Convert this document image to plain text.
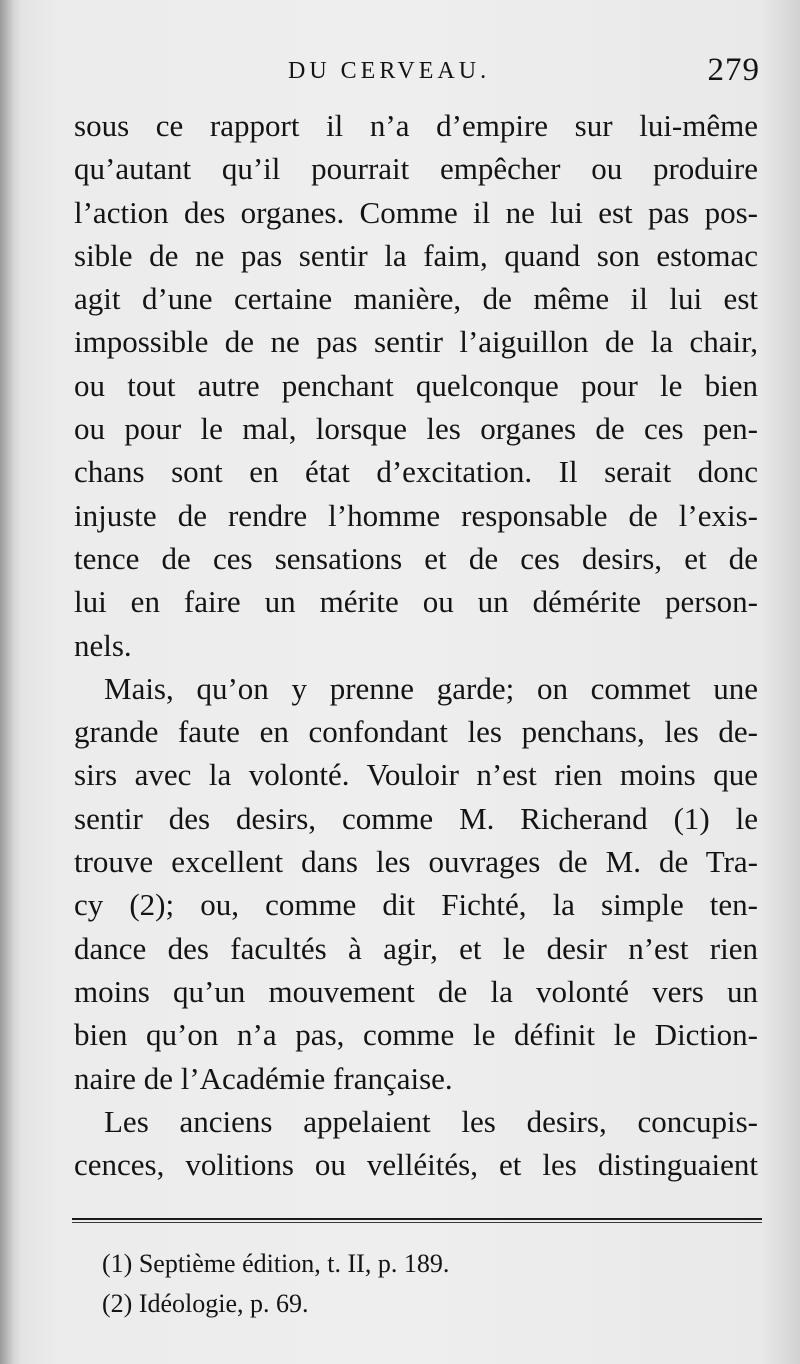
DU CERVEAU.	279
sous ce rapport il n’a d’empire sur lui-même
qu’autant qu’il pourrait empêcher ou produire
l’action des organes. Comme il ne lui est pas pos-
sible de ne pas sentir la faim, quand son estomac
agit d’une certaine manière, de même il lui est
impossible de ne pas sentir l’aiguillon de la chair,
ou tout autre penchant quelconque pour le bien
ou pour le mal, lorsque les organes de ces pen-
chans sont en état d’excitation. Il serait donc
injuste de rendre l’homme responsable de l’exis-
tence de ces sensations et de ces desirs, et de
lui en faire un mérite ou un démérite person-
nels.
Mais, qu’on y prenne garde; on commet une
grande faute en confondant les penchans, les de-
sirs avec la volonté. Vouloir n’est rien moins que
sentir des desirs, comme M. Richerand (1) le
trouve excellent dans les ouvrages de M. de Tra-
cy (2); ou, comme dit Fichté, la simple ten-
dance des facultés à agir, et le desir n’est rien
moins qu’un mouvement de la volonté vers un
bien qu’on n’a pas, comme le définit le Diction-
naire de l’Académie française.
Les anciens appelaient les desirs, concupis-
cences, volitions ou velléités, et les distinguaient
(1) Septième édition, t. II, p. 189.
(2) Idéologie, p. 69.
